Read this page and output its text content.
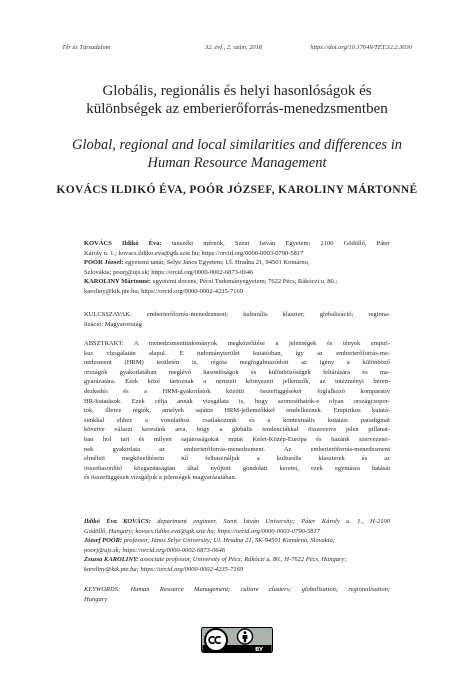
Tér és Társadalom	32. évf., 2. szám, 2018	https://doi.org/10.17649/TET.32.2.3030
Globális, regionális és helyi hasonlóságok és
különbségek az emberierőforrás-menedzsmentben
Global, regional and local similarities and differences in
Human Resource Management
KOVÁCS ILDIKÓ ÉVA, POÓR JÓZSEF, KAROLINY MÁRTONNÉ
KOVÁCS Ildikó Éva: tanszéki mérnök, Szent István Egyetem; 2100 Gödöllő, Páter
Károly u. 1.; kovacs.ildiko.eva@gtk.szie.hu; https://orcid.org/0000-0003-0790-5817
POÓR József: egyetemi tanár, Selye János Egyetem; Ul. Hradna 21, 94501 Komárno,
Szlovákia; poorj@ujs.sk; https://orcid.org/0000-0002-6873-0646
KAROLINY Mártonné: egyetemi docens, Pécsi Tudományegyetem; 7622 Pécs, Rákóczi u. 80.;
karoliny@ktk.pte.hu; https://orcid.org/0000-0002-4235-7169
KULCSSZAVAK: emberierőforrás-menedzsment; kulturális klaszter; globalizáció; regiona-
lizáció; Magyarország
ABSZTRAKT: A menedzsmenttudományok megközelítése a jelenségek és tények empiri-
kus vizsgálatán alapul. E tudományterület kutatóiban, így az emberierőforrás-me-
nedzsment (HRM) területén is, régóta megfogalmazódott az igény a különböző
országok gyakorlatában meglévő hasonlóságok és különbözőségek feltárására és ma-
gyarázatára. Ezek közé tartoznak a nemzeti környezeti jellemzők, az intézményi beren-
dezkedés és a HRM-gyakorlatok közötti összefüggéseket foglalkozó komparatív
HR-kutatások. Ezek célja annak vizsgálata is, hogy azonosíthatók-e olyan országcsopor-
tok, illetve régiók, amelyek sajátos HRM-jellemzőkkel rendelkeznek. Empirikus kutatá-
sunkkal ehhez a vonulathoz csatlakozunk és a kontextuális kutatási paradigmát
követve választ keresünk arra, hogy a globális tendenciákkal összevetve jelen pillanat-
ban hol tart és milyen sajátosságokat mutat Kelet-Közép-Európa és hazánk szervezetei-
nek gyakorlata az emberierőforrás-menedzsment. Az emberierőforrás-menedzsment
elméleti megközelítésein túl felhasználjuk a kulturális klaszterek és az
összehasonlító közgazdaságtan által nyújtott gondolati keretet, ezek egymásra hatását
és összefüggéseit vizsgáljuk a jelenségek magyarázatában.
Ildikó Éva KOVÁCS: department engineer, Szent István University; Páter Károly u. 1., H-2100
Gödöllő, Hungary; kovacs.ildiko.eva@gtk.szie.hu; https://orcid.org/0000-0003-0790-5817
József POÓR: professor, János Selye University; Ul. Hradna 21, SK-94501 Komárno, Slovakia;
poorj@ujs.sk; https://orcid.org/0000-0002-6873-0646
Zsuzsa KAROLINY: associate professor, University of Pécs; Rákóczi u. 80., H-7622 Pécs, Hungary;
karoliny@ktk.pte.hu; https://orcid.org/0000-0002-4235-7169
KEYWORDS: Human Resource Management; culture clusters; globalisation; regionalisation;
Hungary
BY
